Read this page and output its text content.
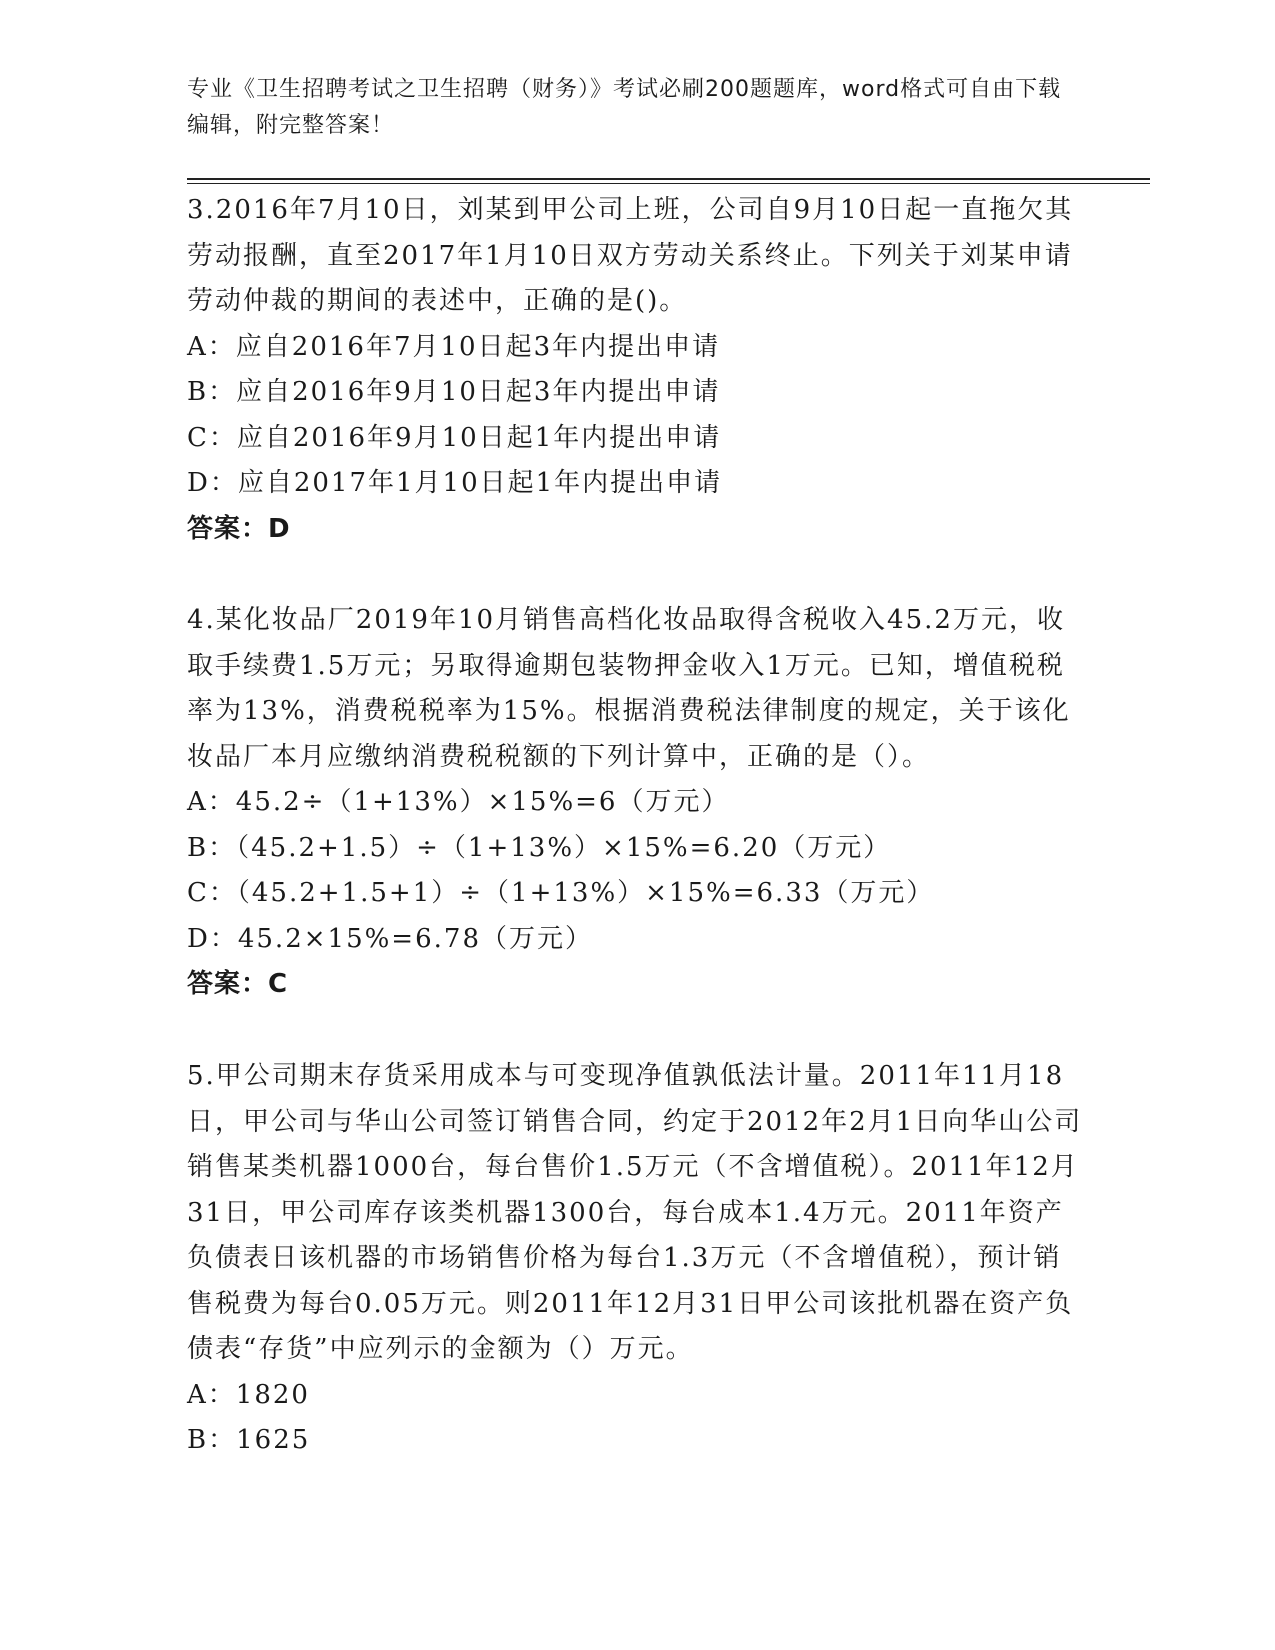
专业《卫生招聘考试之卫生招聘（财务）》考试必刷200题题库，word格式可自由下载编辑，附完整答案！

3.2016年7月10日，刘某到甲公司上班，公司自9月10日起一直拖欠其劳动报酬，直至2017年1月10日双方劳动关系终止。下列关于刘某申请劳动仲裁的期间的表述中，正确的是()。

A：应自2016年7月10日起3年内提出申请

B：应自2016年9月10日起3年内提出申请

C：应自2016年9月10日起1年内提出申请

D：应自2017年1月10日起1年内提出申请

答案：D

4.某化妆品厂2019年10月销售高档化妆品取得含税收入45.2万元，收取手续费1.5万元；另取得逾期包装物押金收入1万元。已知，增值税税率为13%，消费税税率为15%。根据消费税法律制度的规定，关于该化妆品厂本月应缴纳消费税税额的下列计算中，正确的是（）。

A：45.2÷（1+13%）×15%=6（万元）

B：（45.2+1.5）÷（1+13%）×15%=6.20（万元）

C：（45.2+1.5+1）÷（1+13%）×15%=6.33（万元）

D：45.2×15%=6.78（万元）

答案：C

5.甲公司期末存货采用成本与可变现净值孰低法计量。2011年11月18日，甲公司与华山公司签订销售合同，约定于2012年2月1日向华山公司销售某类机器1000台，每台售价1.5万元（不含增值税）。2011年12月31日，甲公司库存该类机器1300台，每台成本1.4万元。2011年资产负债表日该机器的市场销售价格为每台1.3万元（不含增值税），预计销售税费为每台0.05万元。则2011年12月31日甲公司该批机器在资产负债表“存货”中应列示的金额为（）万元。

A：1820

B：1625
